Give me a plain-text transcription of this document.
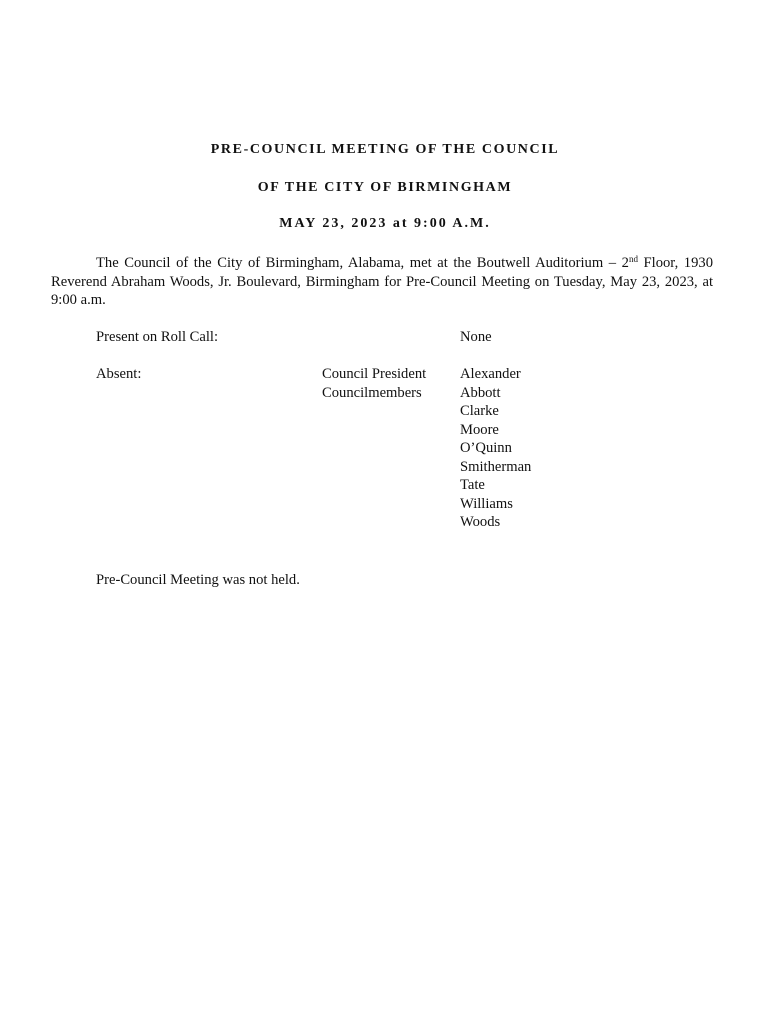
PRE-COUNCIL MEETING OF THE COUNCIL
OF THE CITY OF BIRMINGHAM
MAY 23, 2023 at 9:00 A.M.

The Council of the City of Birmingham, Alabama, met at the Boutwell Auditorium – 2nd Floor, 1930 Reverend Abraham Woods, Jr. Boulevard, Birmingham for Pre-Council Meeting on Tuesday, May 23, 2023, at 9:00 a.m.

Present on Roll Call:	None
Absent:	Council President
Councilmembers
Alexander
Abbott
Clarke
Moore
O’Quinn
Smitherman
Tate
Williams
Woods
Pre-Council Meeting was not held.
